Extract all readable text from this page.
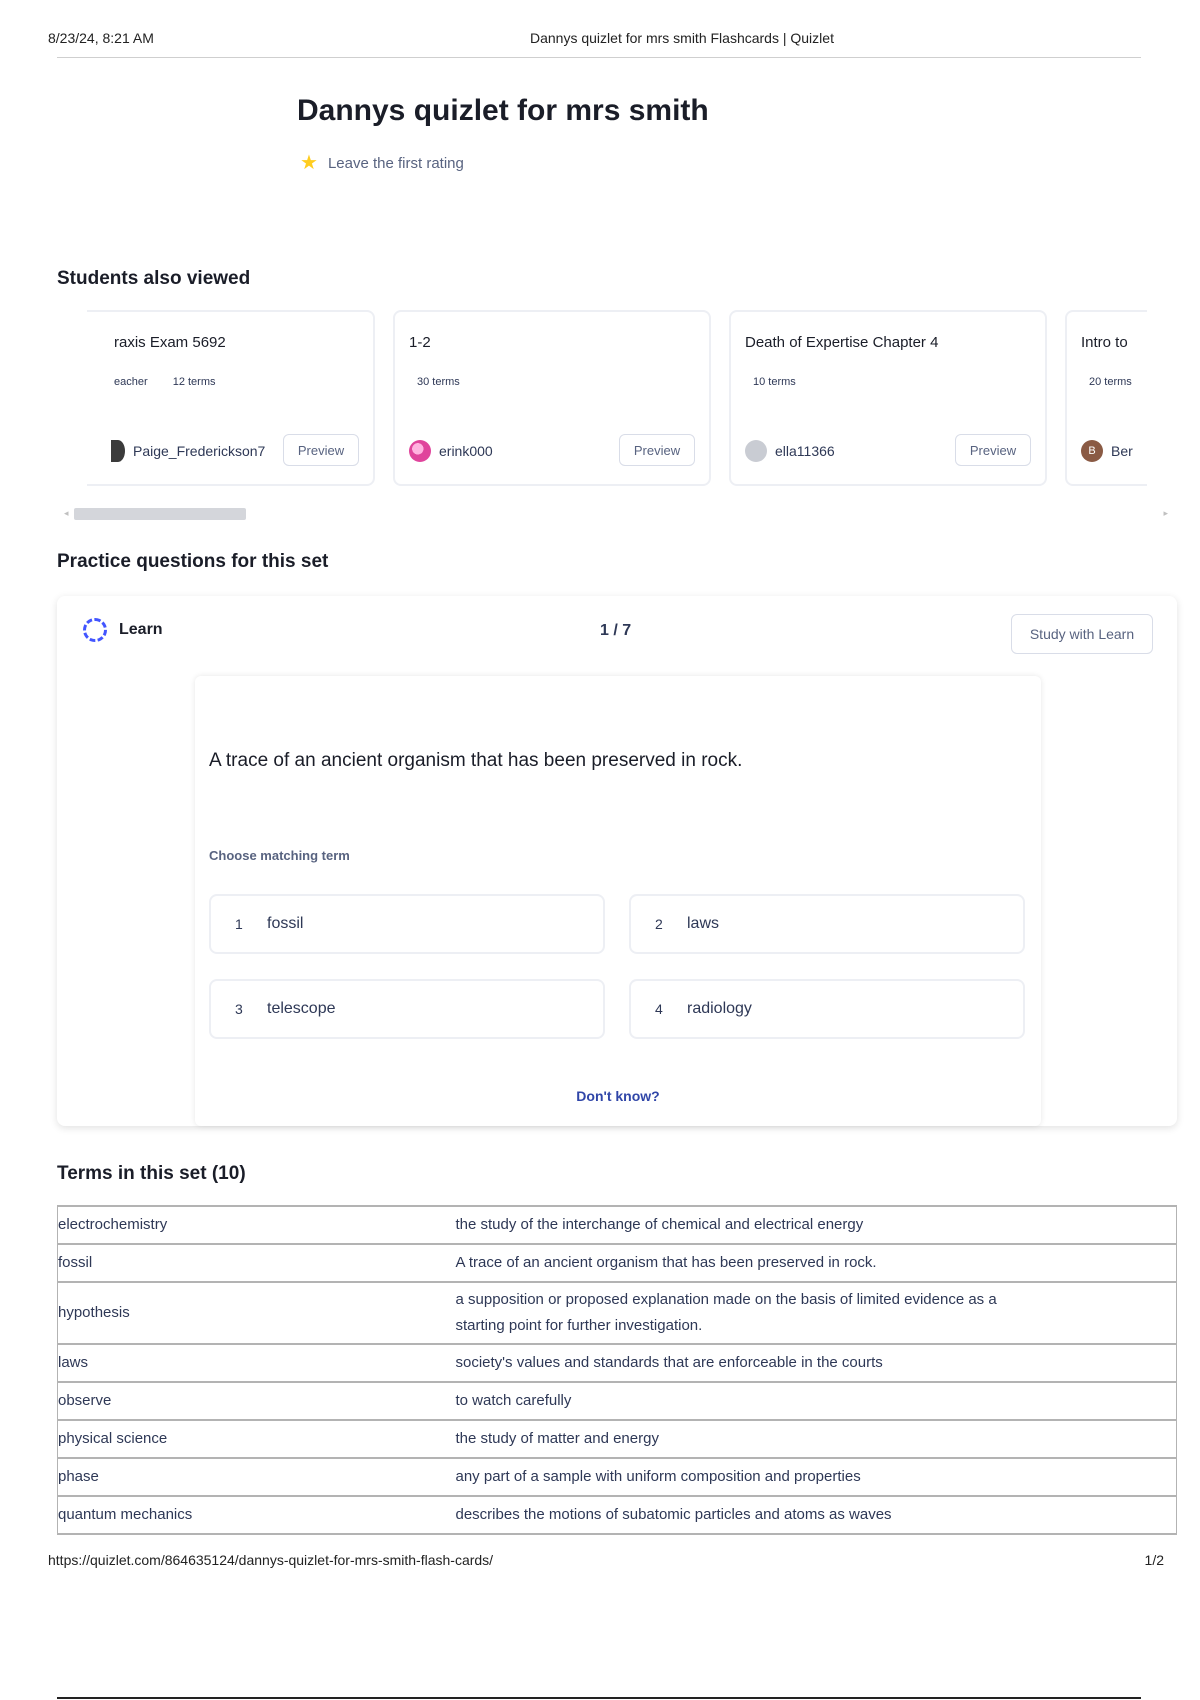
8/23/24, 8:21 AM	Dannys quizlet for mrs smith Flashcards | Quizlet
Dannys quizlet for mrs smith
★ Leave the first rating
Students also viewed
raxis Exam 5692
eacher 12 terms
Paige_Frederickson7	Preview
1-2
30 terms
erink000	Preview
Death of Expertise Chapter 4
10 terms
ella11366	Preview
Intro to
20 terms
B	Ber
◂	▸
Practice questions for this set
Learn	1 / 7	Study with Learn
A trace of an ancient organism that has been preserved in rock.
Choose matching term
1	fossil	2	laws
3	telescope	4	radiology
Don't know?
Terms in this set (10)
electrochemistry	the study of the interchange of chemical and electrical energy
fossil	A trace of an ancient organism that has been preserved in rock.
hypothesis	a supposition or proposed explanation made on the basis of limited evidence as a starting point for further investigation.
laws	society's values and standards that are enforceable in the courts
observe	to watch carefully
physical science	the study of matter and energy
phase	any part of a sample with uniform composition and properties
quantum mechanics	describes the motions of subatomic particles and atoms as waves
https://quizlet.com/864635124/dannys-quizlet-for-mrs-smith-flash-cards/	1/2
